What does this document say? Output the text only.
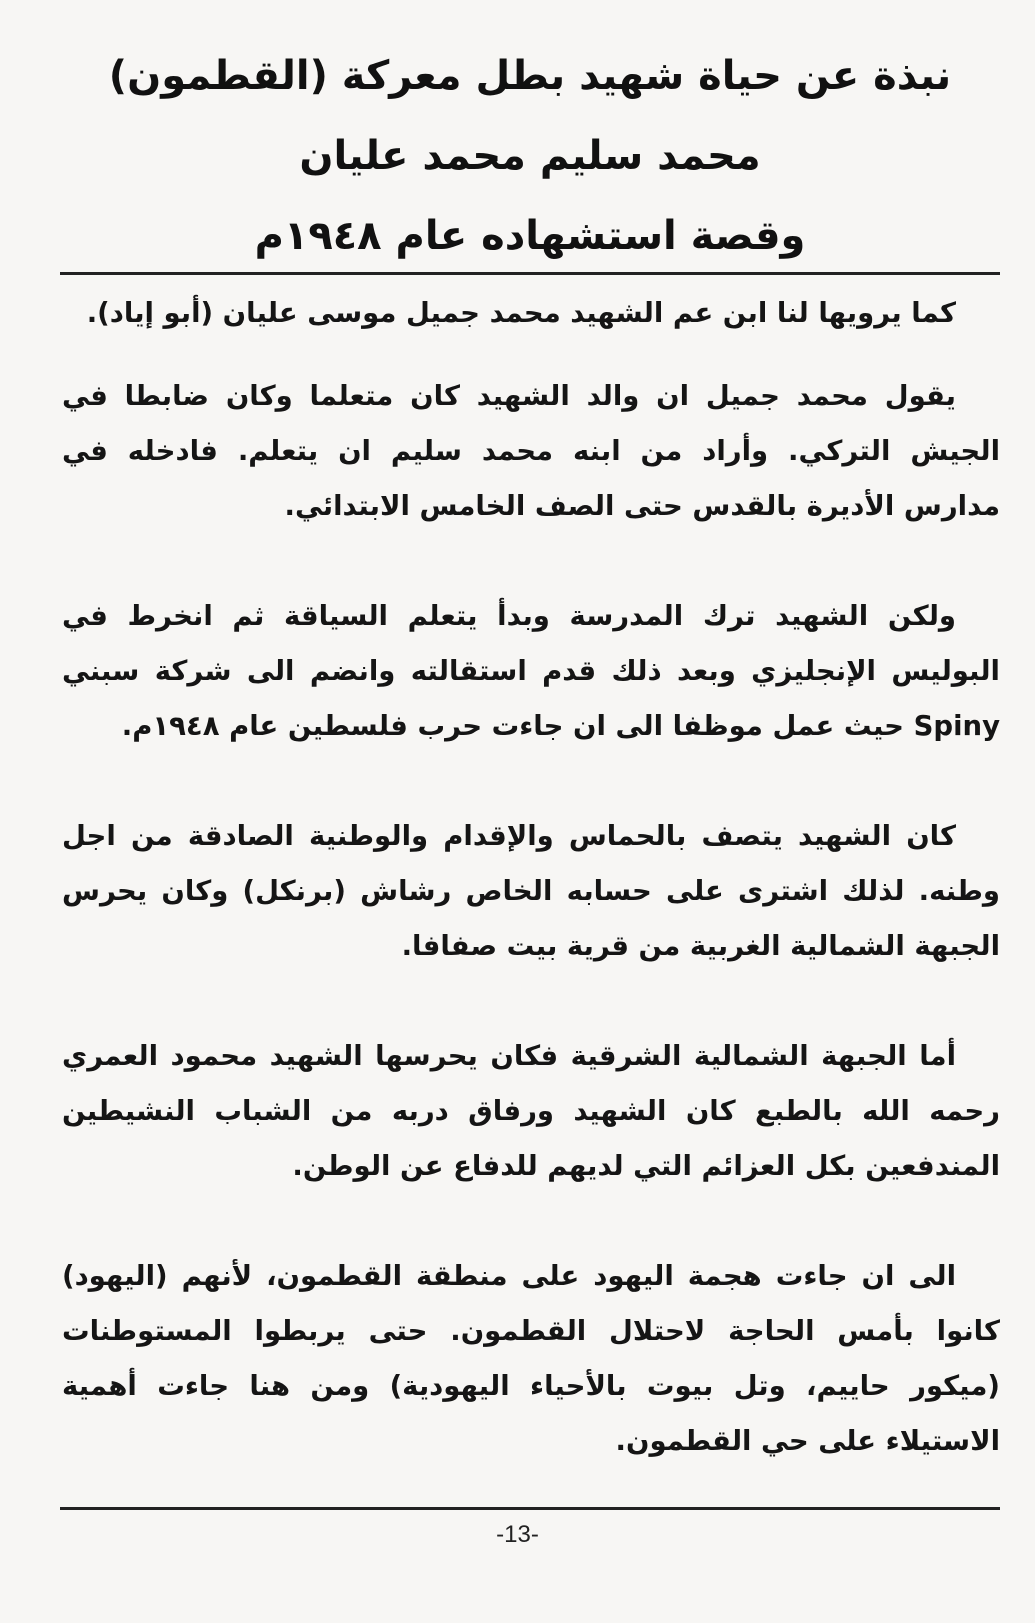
نبذة عن حياة شهيد بطل معركة (القطمون)
محمد سليم محمد عليان
وقصة استشهاده عام ١٩٤٨م

كما يرويها لنا ابن عم الشهيد محمد جميل موسى عليان (أبو إياد).

يقول محمد جميل ان والد الشهيد كان متعلما وكان ضابطا في الجيش التركي. وأراد من ابنه محمد سليم ان يتعلم. فادخله في مدارس الأديرة بالقدس حتى الصف الخامس الابتدائي.

ولكن الشهيد ترك المدرسة وبدأ يتعلم السياقة ثم انخرط في البوليس الإنجليزي وبعد ذلك قدم استقالته وانضم الى شركة سبني Spiny حيث عمل موظفا الى ان جاءت حرب فلسطين عام ١٩٤٨م.

كان الشهيد يتصف بالحماس والإقدام والوطنية الصادقة من اجل وطنه. لذلك اشترى على حسابه الخاص رشاش (برنكل) وكان يحرس الجبهة الشمالية الغربية من قرية بيت صفافا.

أما الجبهة الشمالية الشرقية فكان يحرسها الشهيد محمود العمري رحمه الله بالطبع كان الشهيد ورفاق دربه من الشباب النشيطين المندفعين بكل العزائم التي لديهم للدفاع عن الوطن.

الى ان جاءت هجمة اليهود على منطقة القطمون، لأنهم (اليهود) كانوا بأمس الحاجة لاحتلال القطمون. حتى يربطوا المستوطنات (ميكور حاييم، وتل بيوت بالأحياء اليهودية) ومن هنا جاءت أهمية الاستيلاء على حي القطمون.

-13-
